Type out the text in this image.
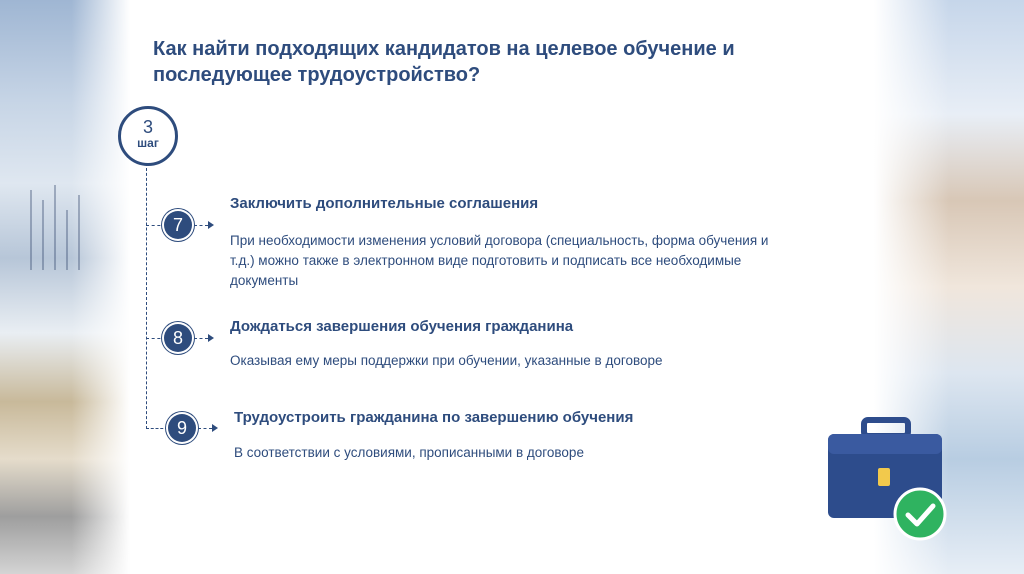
Как найти подходящих кандидатов на целевое обучение и последующее трудоустройство?
3
шаг
7

Заключить дополнительные соглашения

При необходимости изменения условий договора (специальность, форма обучения и т.д.) можно также в электронном виде подготовить и подписать все необходимые документы

8

Дождаться завершения обучения гражданина

Оказывая ему меры поддержки при обучении, указанные в договоре

9

Трудоустроить гражданина по завершению обучения

В соответствии с условиями, прописанными в договоре
